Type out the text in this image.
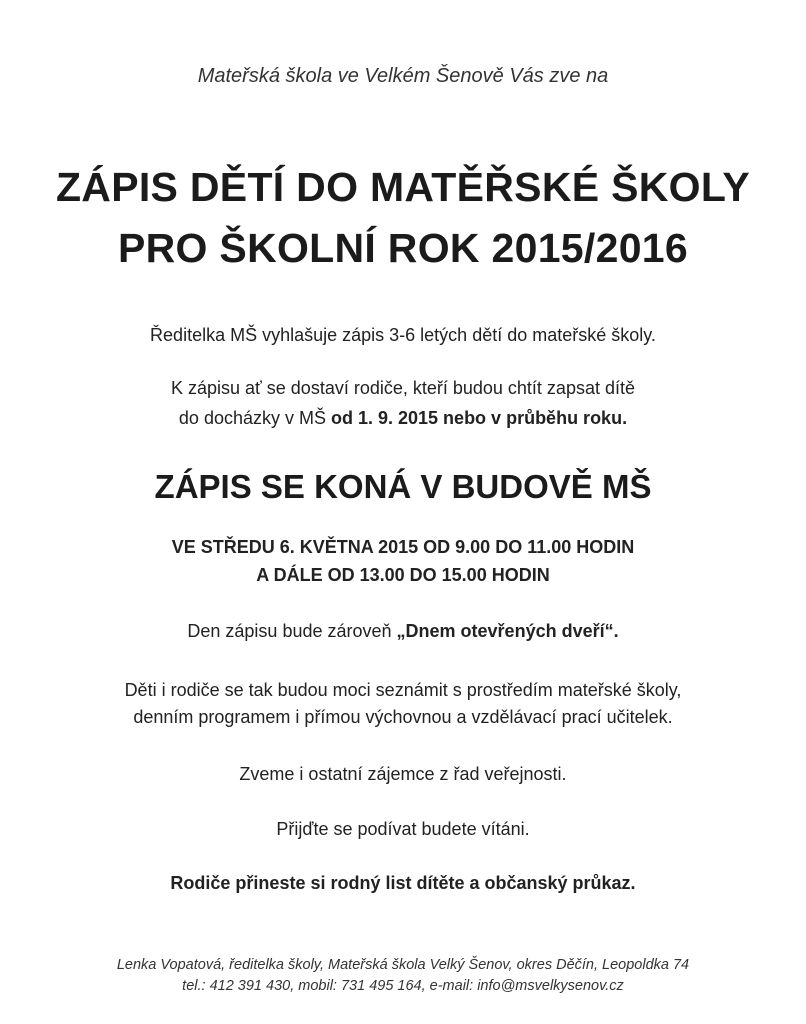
Mateřská škola ve Velkém Šenově Vás zve na
ZÁPIS DĚTÍ DO MATĚŘSKÉ ŠKOLY
PRO ŠKOLNÍ ROK 2015/2016
Ředitelka MŠ vyhlašuje zápis 3-6 letých dětí do mateřské školy.
K zápisu ať se dostaví rodiče, kteří budou chtít zapsat dítě
do docházky v MŠ od 1. 9. 2015 nebo v průběhu roku.
ZÁPIS SE KONÁ V BUDOVĚ MŠ
VE STŘEDU 6. KVĚTNA 2015 OD 9.00 DO 11.00 HODIN
A DÁLE OD 13.00 DO 15.00 HODIN
Den zápisu bude zároveň „Dnem otevřených dveří“.
Děti i rodiče se tak budou moci seznámit s prostředím mateřské školy,
denním programem i přímou výchovnou a vzdělávací prací učitelek.
Zveme i ostatní zájemce z řad veřejnosti.
Přijďte se podívat budete vítáni.
Rodiče přineste si rodný list dítěte a občanský průkaz.
Lenka Vopatová, ředitelka školy, Mateřská škola Velký Šenov, okres Děčín, Leopoldka 74
tel.: 412 391 430, mobil: 731 495 164, e-mail: info@msvelkysenov.cz
